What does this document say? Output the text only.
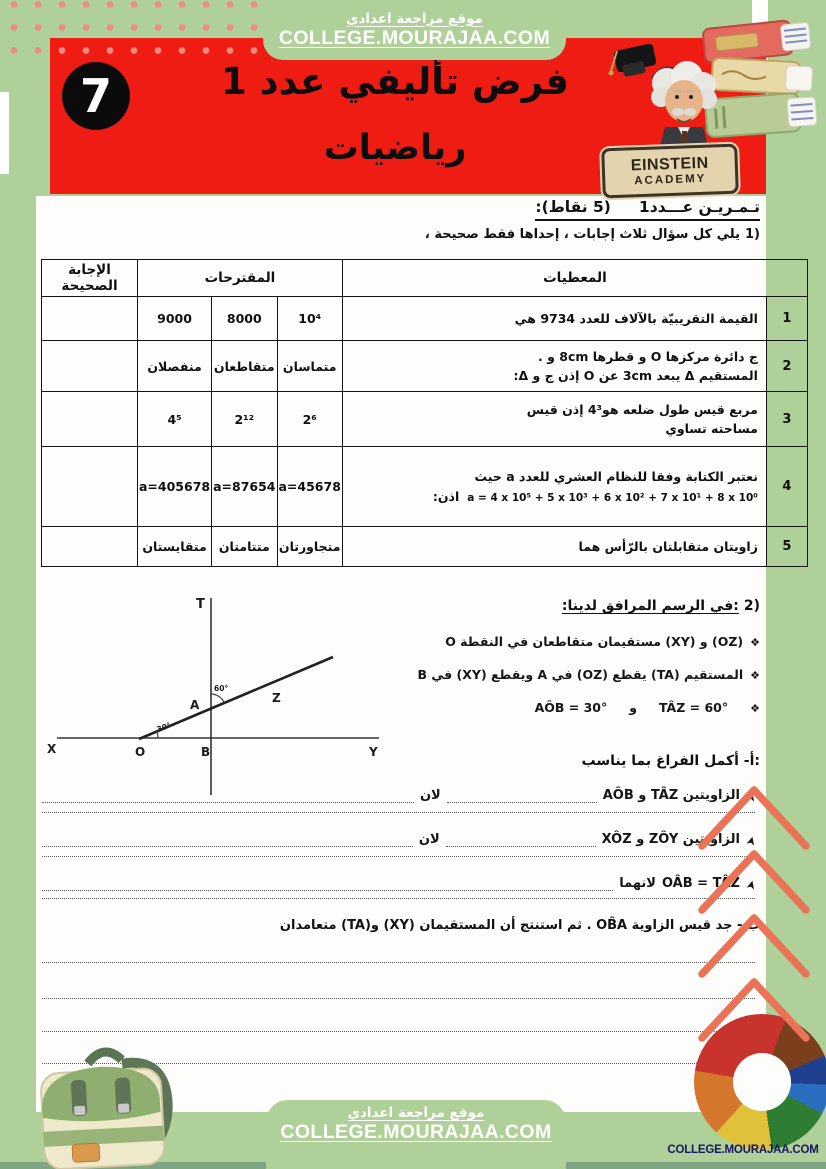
7	فرض تأليفي عدد 1
رياضيات
موقع مراجعة اعدادي
COLLEGE.MOURAJAA.COM
EINSTEIN
ACADEMY
تـمـريـن عـــدد1
(5 نقاط):
1)
يلي كل سؤال ثلاث إجابات ، إحداها فقط صحيحة ،
المعطيات		المقترحات			الإجابة الصحيحة
1	القيمة التقريبيّة بالآلاف للعدد 9734 هي	10⁴	8000	9000	
2	ج دائرة مركزها O و قطرها 8cm و .
المستقيم Δ يبعد 3cm عن O إذن ج و Δ:	متماسان	متقاطعان	منفصلان	
3	مربع قيس طول ضلعه هو4³ إذن قيس
مساحته تساوي	2⁶	2¹²	4⁵	
4	نعتبر الكتابة وفقا للنظام العشري للعدد a حيث
a = 4 x 10⁵ + 5 x 10³ + 6 x 10² + 7 x 10¹ + 8 x 10⁰
اذن:	a=45678	a=87654	a=405678	
5	زاويتان متقابلتان بالرّأس هما	متجاورتان	متتامتان	متقايستان	
T
X	O	B	Y
A	Z
60°
30°
2)
:في الرسم المرافق لدينا:
❖
(OZ) و (XY) مستقيمان متقاطعان في النقطة O
❖
المستقيم (TA) يقطع (OZ) في A ويقطع (XY) في B
❖
TÂZ = 60°
و
AÔB = 30°
أ- أكمل الفراغ بما يناسب:
➤
الزاويتين TÂZ و AÔB
لان
➤
الزاويتين ZÔY و XÔZ
لان
➤
OÂB = TÂZ
لانهما
ب - جد قيس الزاوية OB̂A . ثم استنتج أن المستقيمان (XY) و(TA) متعامدان
موقع مراجعة اعدادي
COLLEGE.MOURAJAA.COM
COLLEGE.MOURAJAA.COM
